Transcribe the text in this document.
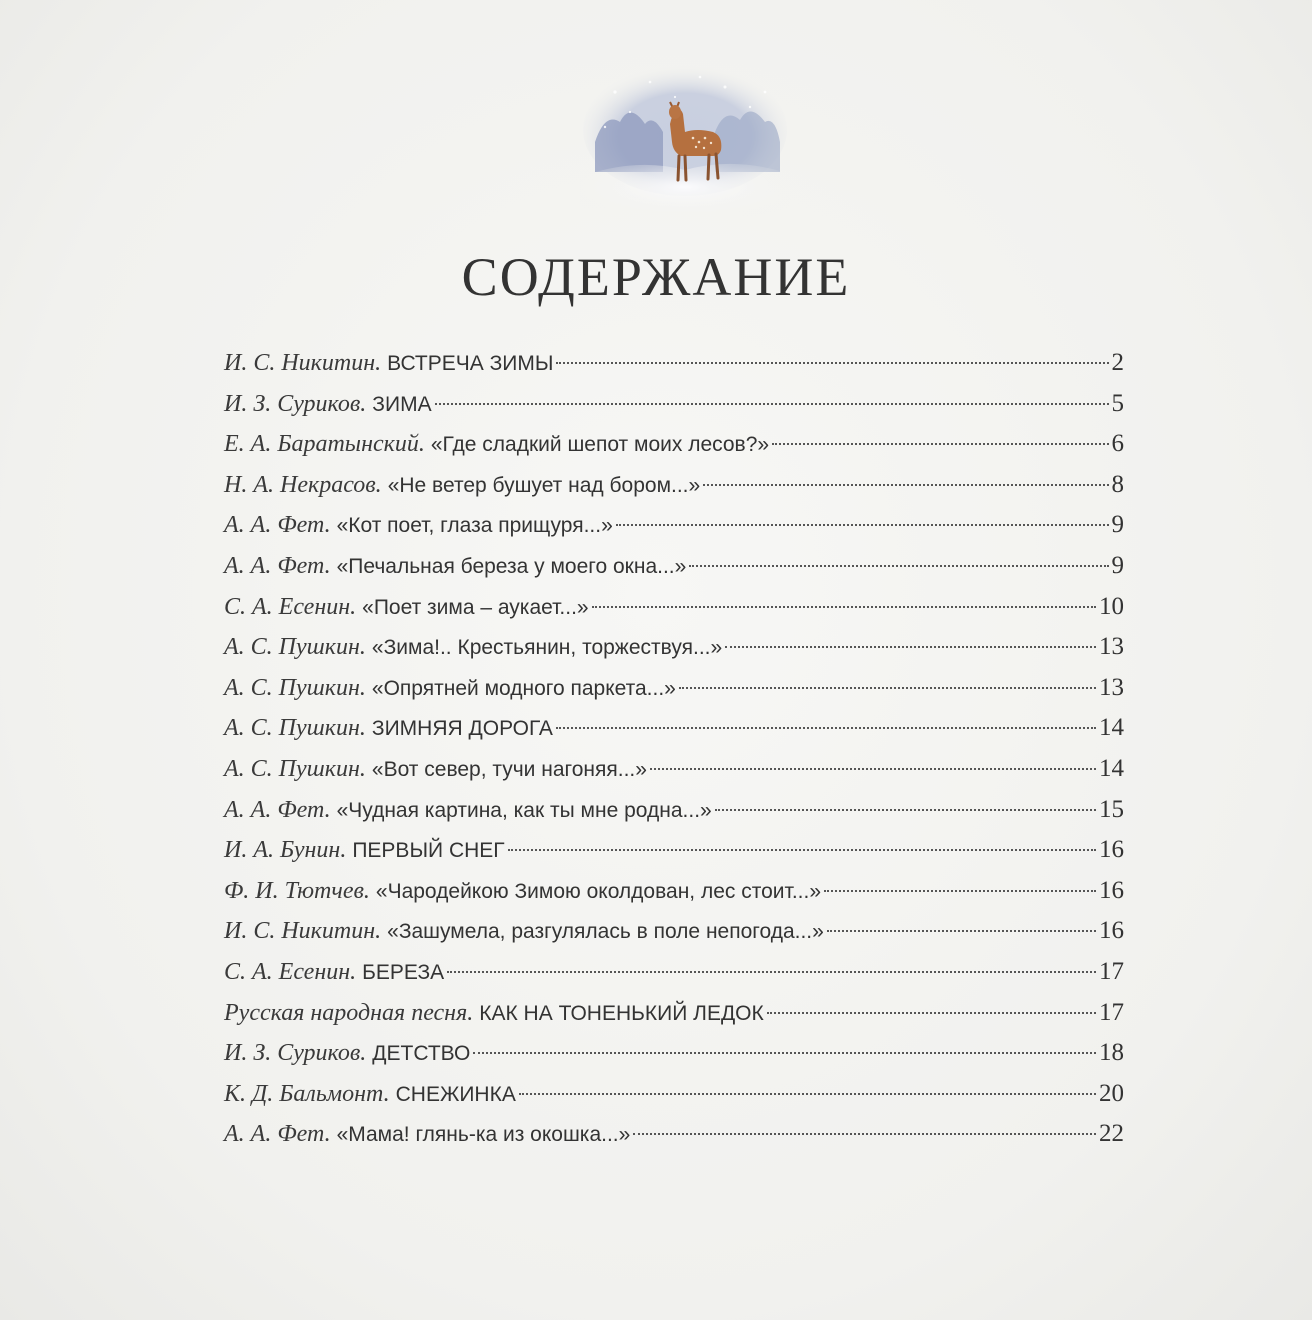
СОДЕРЖАНИЕ
И. С. Никитин. ВСТРЕЧА ЗИМЫ	2
И. З. Суриков. ЗИМА	5
Е. А. Баратынский. «Где сладкий шепот моих лесов?»	6
Н. А. Некрасов. «Не ветер бушует над бором...»	8
А. А. Фет. «Кот поет, глаза прищуря...»	9
А. А. Фет. «Печальная береза у моего окна...»	9
С. А. Есенин. «Поет зима – аукает...»	10
А. С. Пушкин. «Зима!.. Крестьянин, торжествуя...»	13
А. С. Пушкин. «Опрятней модного паркета...»	13
А. С. Пушкин. ЗИМНЯЯ ДОРОГА	14
А. С. Пушкин. «Вот север, тучи нагоняя...»	14
А. А. Фет. «Чудная картина, как ты мне родна...»	15
И. А. Бунин. ПЕРВЫЙ СНЕГ	16
Ф. И. Тютчев. «Чародейкою Зимою околдован, лес стоит...»	16
И. С. Никитин. «Зашумела, разгулялась в поле непогода...»	16
С. А. Есенин. БЕРЕЗА	17
Русская народная песня. КАК НА ТОНЕНЬКИЙ ЛЕДОК	17
И. З. Суриков. ДЕТСТВО	18
К. Д. Бальмонт. СНЕЖИНКА	20
А. А. Фет. «Мама! глянь-ка из окошка...»	22
